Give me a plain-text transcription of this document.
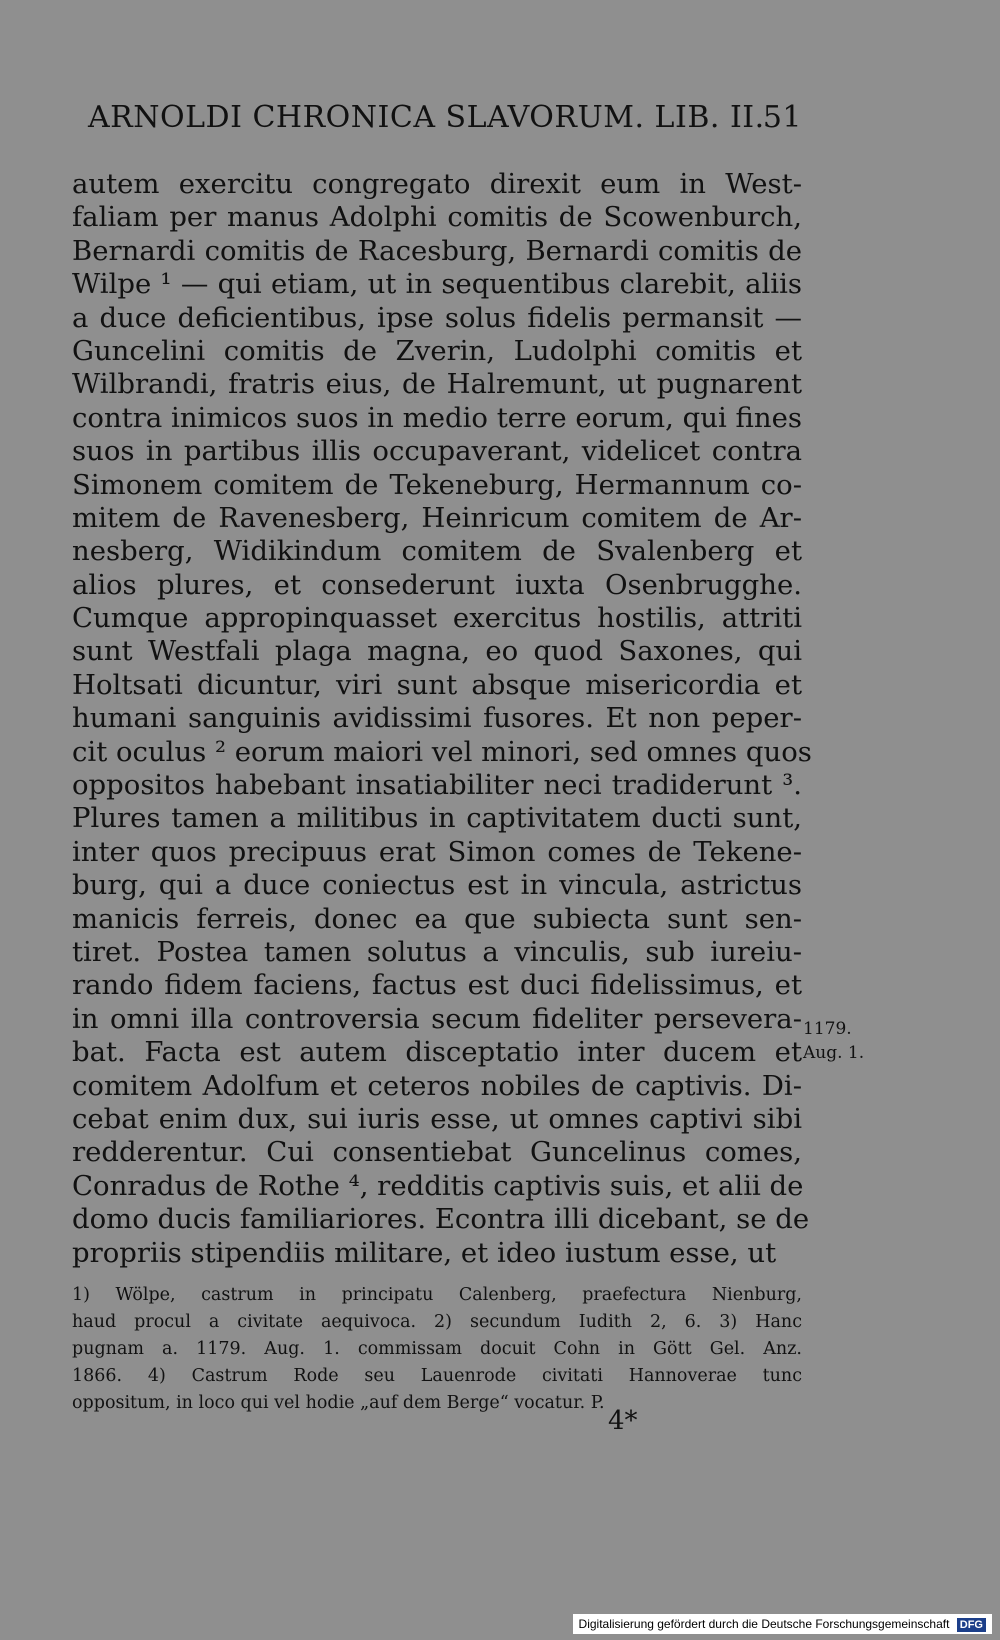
ARNOLDI CHRONICA SLAVORUM. LIB. II.
51
autem exercitu congregato direxit eum in West-
faliam per manus Adolphi comitis de Scowenburch,
Bernardi comitis de Racesburg, Bernardi comitis de
Wilpe ¹ — qui etiam, ut in sequentibus clarebit, aliis
a duce deficientibus, ipse solus fidelis permansit —
Guncelini comitis de Zverin, Ludolphi comitis et
Wilbrandi, fratris eius, de Halremunt, ut pugnarent
contra inimicos suos in medio terre eorum, qui fines
suos in partibus illis occupaverant, videlicet contra
Simonem comitem de Tekeneburg, Hermannum co-
mitem de Ravenesberg, Heinricum comitem de Ar-
nesberg, Widikindum comitem de Svalenberg et
alios plures, et consederunt iuxta Osenbrugghe.
Cumque appropinquasset exercitus hostilis, attriti
sunt Westfali plaga magna, eo quod Saxones, qui
Holtsati dicuntur, viri sunt absque misericordia et
humani sanguinis avidissimi fusores. Et non peper-
cit oculus ² eorum maiori vel minori, sed omnes quos
oppositos habebant insatiabiliter neci tradiderunt ³.
Plures tamen a militibus in captivitatem ducti sunt,
inter quos precipuus erat Simon comes de Tekene-
burg, qui a duce coniectus est in vincula, astrictus
manicis ferreis, donec ea que subiecta sunt sen-
tiret. Postea tamen solutus a vinculis, sub iureiu-
rando fidem faciens, factus est duci fidelissimus, et
in omni illa controversia secum fideliter persevera-
bat. Facta est autem disceptatio inter ducem et
comitem Adolfum et ceteros nobiles de captivis. Di-
cebat enim dux, sui iuris esse, ut omnes captivi sibi
redderentur. Cui consentiebat Guncelinus comes,
Conradus de Rothe ⁴, redditis captivis suis, et alii de
domo ducis familiariores. Econtra illi dicebant, se de
propriis stipendiis militare, et ideo iustum esse, ut
1179.
Aug. 1.
1) Wölpe, castrum in principatu Calenberg, praefectura Nienburg,
haud procul a civitate aequivoca. 2) secundum Iudith 2, 6. 3) Hanc
pugnam a. 1179. Aug. 1. commissam docuit Cohn in Gött Gel. Anz.
1866. 4) Castrum Rode seu Lauenrode civitati Hannoverae tunc
oppositum, in loco qui vel hodie „auf dem Berge“ vocatur. P.
4*
Digitalisierung gefördert durch die Deutsche Forschungsgemeinschaft DFG
